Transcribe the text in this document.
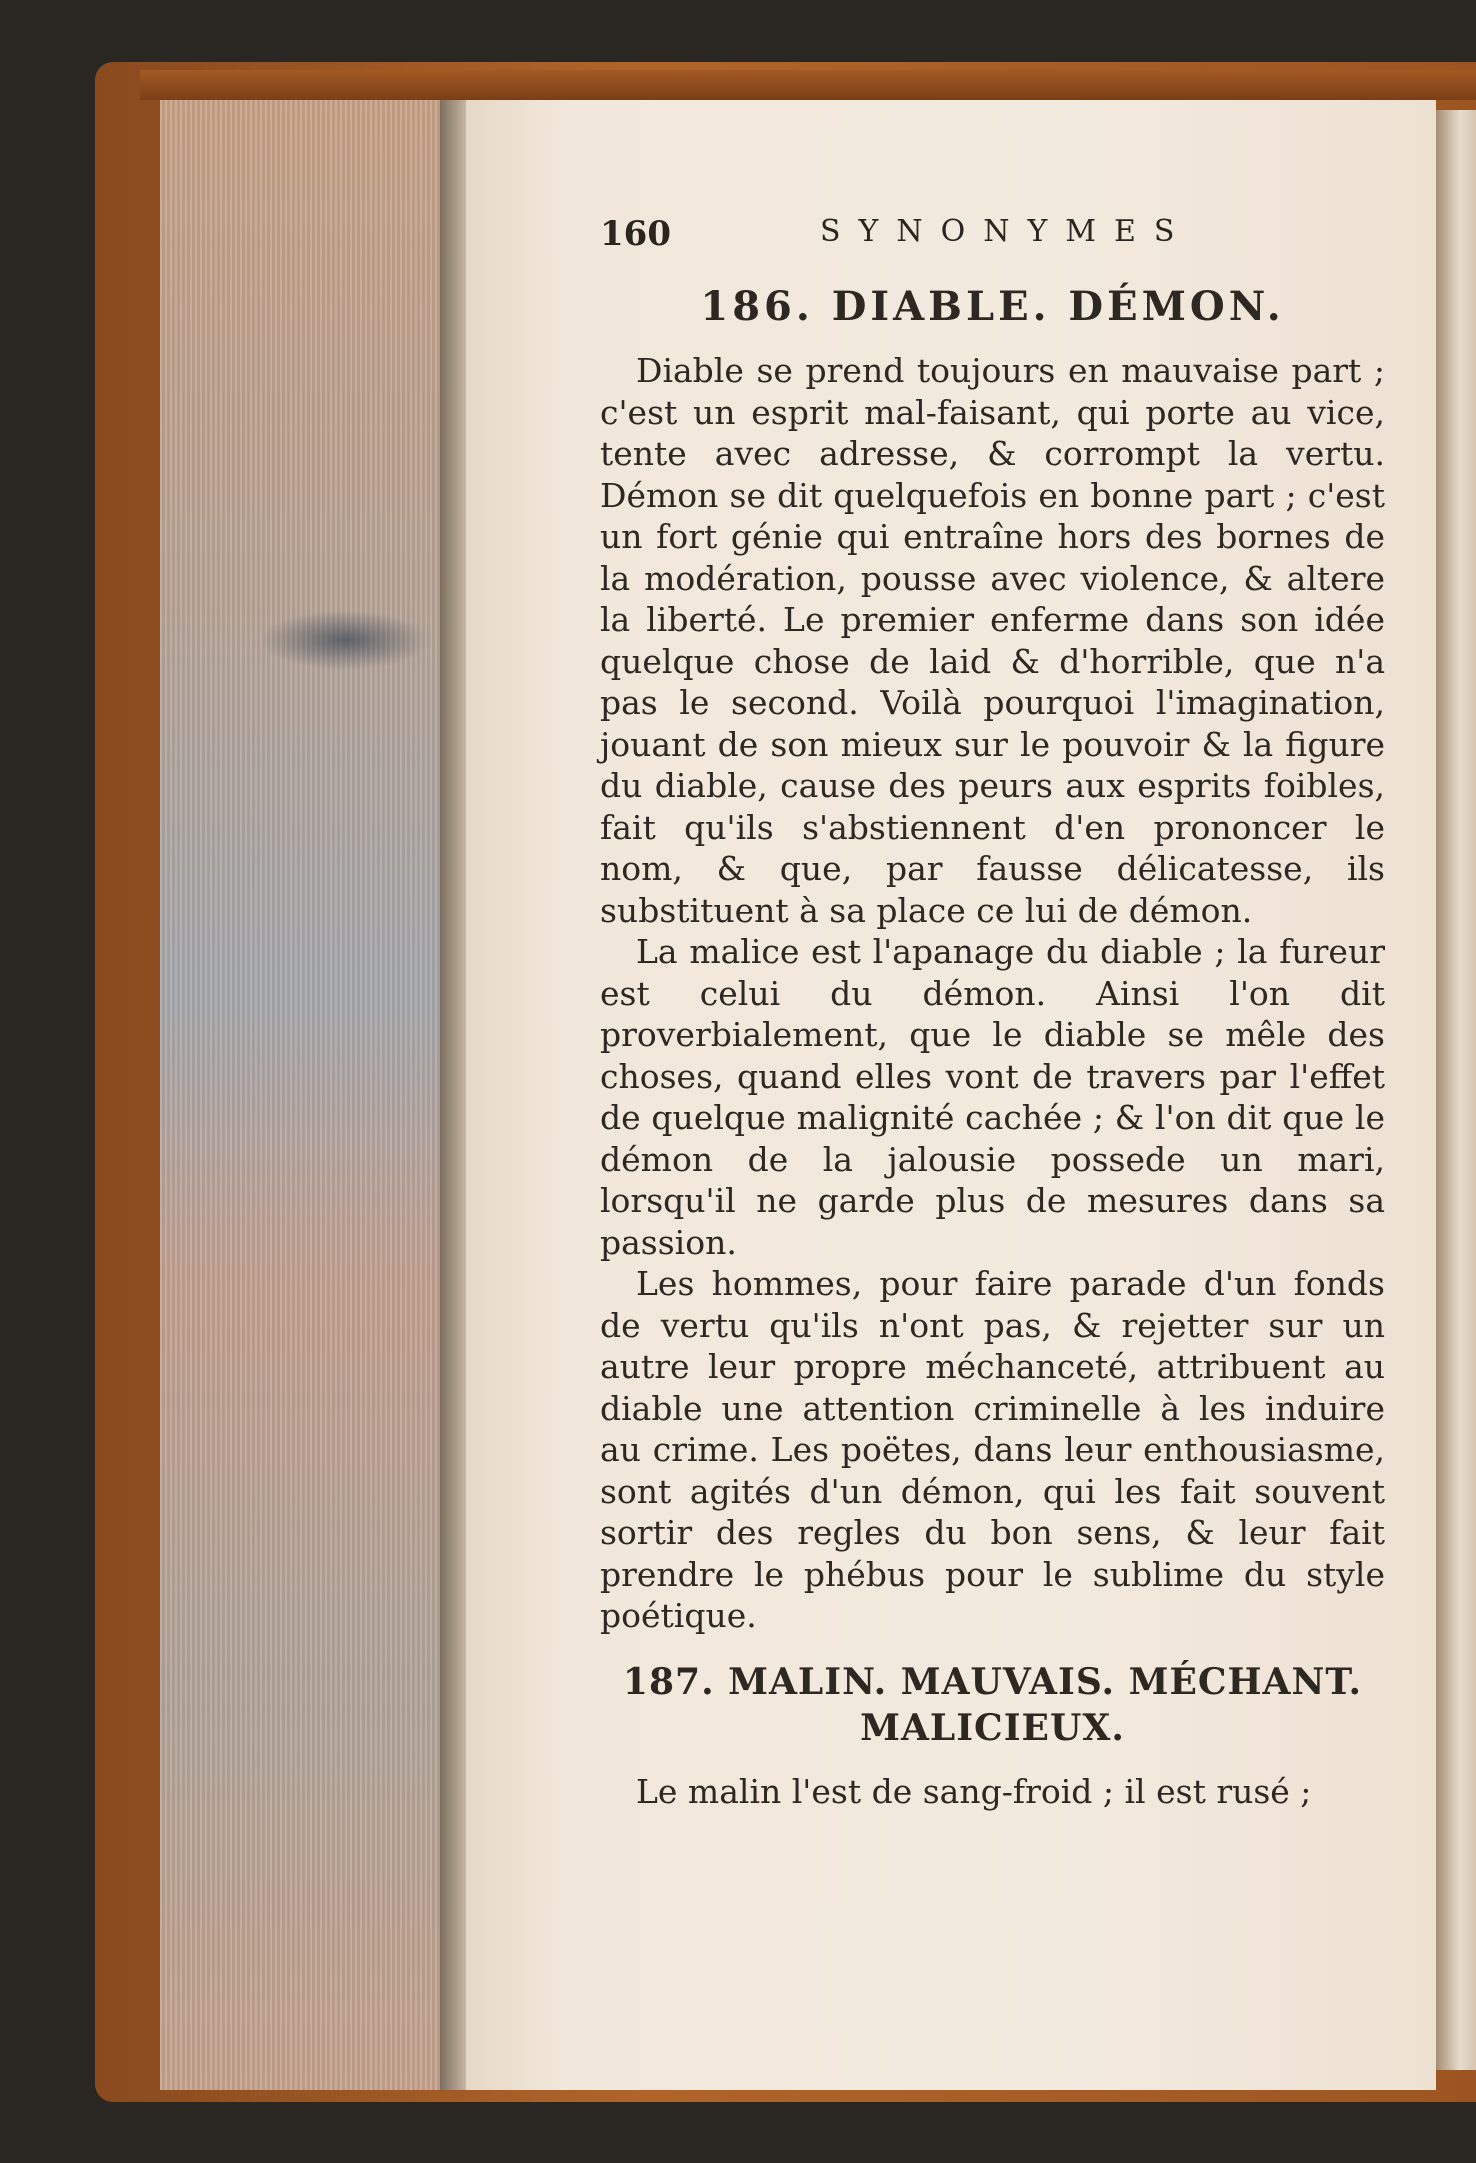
160	SYNONYMES
186. DIABLE. DÉMON.

Diable se prend toujours en mauvaise part ; c'est un esprit mal-faisant, qui porte au vice, tente avec adresse, & corrompt la vertu. Démon se dit quelquefois en bonne part ; c'est un fort génie qui entraîne hors des bornes de la modération, pousse avec violence, & altere la liberté. Le premier enferme dans son idée quelque chose de laid & d'horrible, que n'a pas le second. Voilà pourquoi l'imagination, jouant de son mieux sur le pouvoir & la figure du diable, cause des peurs aux esprits foibles, fait qu'ils s'abstiennent d'en prononcer le nom, & que, par fausse délicatesse, ils substituent à sa place ce lui de démon.

La malice est l'apanage du diable ; la fureur est celui du démon. Ainsi l'on dit proverbialement, que le diable se mêle des choses, quand elles vont de travers par l'effet de quelque malignité cachée ; & l'on dit que le démon de la jalousie possede un mari, lorsqu'il ne garde plus de mesures dans sa passion.

Les hommes, pour faire parade d'un fonds de vertu qu'ils n'ont pas, & rejetter sur un autre leur propre méchanceté, attribuent au diable une attention criminelle à les induire au crime. Les poëtes, dans leur enthousiasme, sont agités d'un démon, qui les fait souvent sortir des regles du bon sens, & leur fait prendre le phébus pour le sublime du style poétique.

187. MALIN. MAUVAIS. MÉCHANT.
MALICIEUX.

Le malin l'est de sang-froid ; il est rusé ;
